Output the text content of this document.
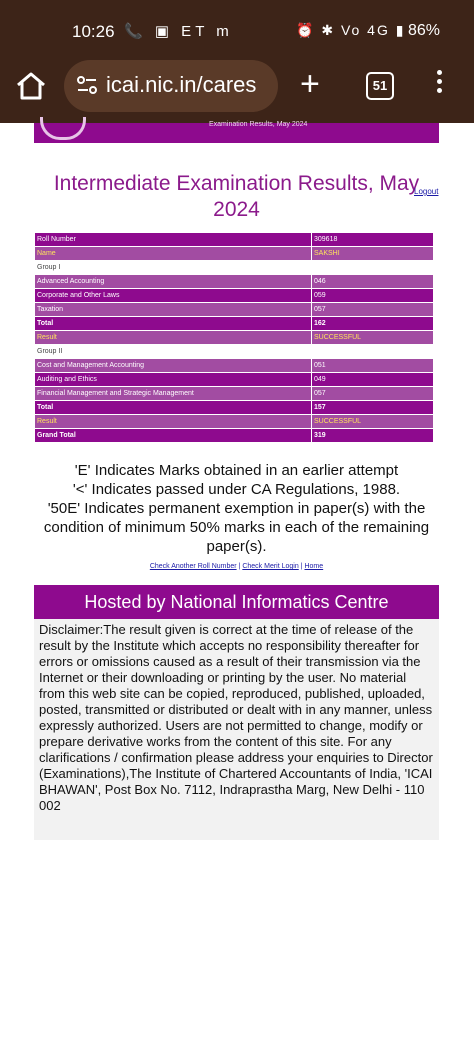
10:26 📞 ▣ ET m	⏰ ✱ Vo 4G ▮ 86%
icai.nic.in/cares +	51
Examination Results, May 2024
Intermediate Examination Results, May
2024
Logout
Roll Number	309618
Name	SAKSHI
Group I	
Advanced Accounting	046
Corporate and Other Laws	059
Taxation	057
Total	162
Result	SUCCESSFUL
Group II	
Cost and Management Accounting	051
Auditing and Ethics	049
Financial Management and Strategic Management	057
Total	157
Result	SUCCESSFUL
Grand Total	319
'E' Indicates Marks obtained in an earlier attempt
'<' Indicates passed under CA Regulations, 1988.
'50E' Indicates permanent exemption in paper(s) with the condition of minimum 50% marks in each of the remaining paper(s).
Check Another Roll Number | Check Merit Login | Home
Hosted by National Informatics Centre
Disclaimer:The result given is correct at the time of release of the result by the Institute which accepts no responsibility thereafter for errors or omissions caused as a result of their transmission via the Internet or their downloading or printing by the user. No material from this web site can be copied, reproduced, published, uploaded, posted, transmitted or distributed or dealt with in any manner, unless expressly authorized. Users are not permitted to change, modify or prepare derivative works from the content of this site. For any clarifications / confirmation please address your enquiries to Director (Examinations),The Institute of Chartered Accountants of India, 'ICAI BHAWAN', Post Box No. 7112, Indraprastha Marg, New Delhi - 110 002
